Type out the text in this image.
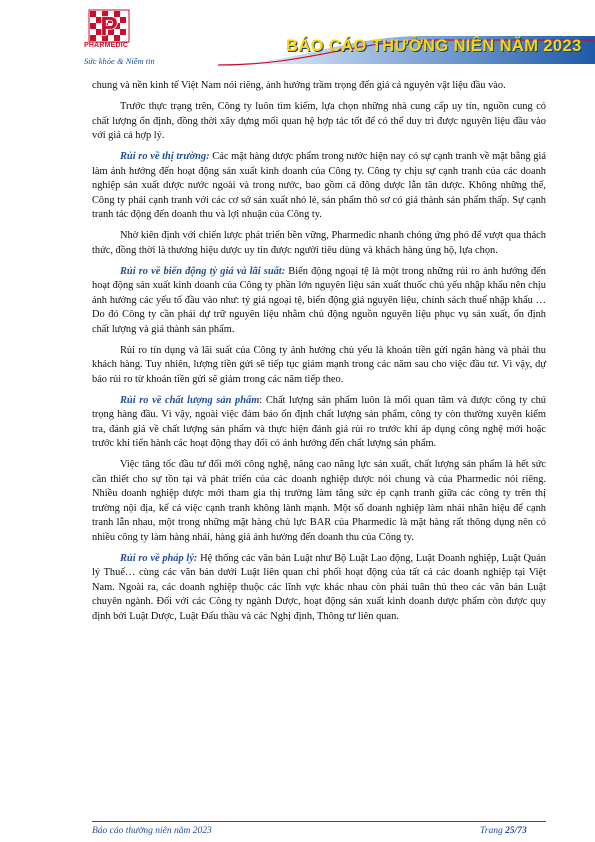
P
PHARMEDIC
Sức khỏe & Niềm tin
BÁO CÁO THƯỜNG NIÊN NĂM 2023

chung và nền kinh tế Việt Nam nói riêng, ảnh hưởng trầm trọng đến giá cả nguyên vật liệu đầu vào.

Trước thực trạng trên, Công ty luôn tìm kiếm, lựa chọn những nhà cung cấp uy tín, nguồn cung có chất lượng ổn định, đồng thời xây dựng mối quan hệ hợp tác tốt để có thể duy trì được nguyên liệu đầu vào với giá cả hợp lý.

Rủi ro về thị trường: Các mặt hàng dược phẩm trong nước hiện nay có sự cạnh tranh về mặt bằng giá làm ảnh hưởng đến hoạt động sản xuất kinh doanh của Công ty. Công ty chịu sự cạnh tranh của các doanh nghiệp sản xuất dược nước ngoài và trong nước, bao gồm cả đông dược lẫn tân dược. Không những thế, Công ty phải cạnh tranh với các cơ sở sản xuất nhỏ lẻ, sản phẩm thô sơ có giá thành sản phẩm thấp. Sự cạnh tranh tác động đến doanh thu và lợi nhuận của Công ty.

Nhờ kiên định với chiến lược phát triển bền vững, Pharmedic nhanh chóng ứng phó để vượt qua thách thức, đồng thời là thương hiệu dược uy tín được người tiêu dùng và khách hàng ủng hộ, lựa chọn.

Rủi ro về biến động tỷ giá và lãi suất: Biến động ngoại tệ là một trong những rủi ro ảnh hưởng đến hoạt động sản xuất kinh doanh của Công ty phần lớn nguyên liệu sản xuất thuốc chủ yếu nhập khẩu nên chịu ảnh hưởng các yếu tố đầu vào như: tỷ giá ngoại tệ, biến động giá nguyên liệu, chính sách thuế nhập khẩu …Do đó Công ty cần phải dự trữ nguyên liệu nhằm chủ động nguồn nguyên liệu phục vụ sản xuất, ổn định chất lượng và giá thành sản phẩm.

Rủi ro tín dụng và lãi suất của Công ty ảnh hưởng chủ yếu là khoản tiền gửi ngân hàng và phải thu khách hàng. Tuy nhiên, lượng tiền gửi sẽ tiếp tục giảm mạnh trong các năm sau cho việc đầu tư. Vì vậy, dự báo rủi ro từ khoản tiền gửi sẽ giảm trong các năm tiếp theo.

Rủi ro về chất lượng sản phẩm: Chất lượng sản phẩm luôn là mối quan tâm và được công ty chú trọng hàng đầu. Vì vậy, ngoài việc đảm bảo ổn định chất lượng sản phẩm, công ty còn thường xuyên kiểm tra, đánh giá về chất lượng sản phẩm và thực hiện đánh giá rủi ro trước khi áp dụng công nghệ mới hoặc trước khi tiến hành các hoạt động thay đổi có ảnh hưởng đến chất lượng sản phẩm.

Việc tăng tốc đầu tư đổi mới công nghệ, nâng cao năng lực sản xuất, chất lượng sản phẩm là hết sức cần thiết cho sự tồn tại và phát triển của các doanh nghiệp dược nói chung và của Pharmedic nói riêng. Nhiều doanh nghiệp dược mới tham gia thị trường làm tăng sức ép cạnh tranh giữa các công ty trên thị trường nội địa, kể cả việc cạnh tranh không lành mạnh. Một số doanh nghiệp làm nhái nhãn hiệu để cạnh tranh lẫn nhau, một trong những mặt hàng chủ lực BAR của Pharmedic là mặt hàng rất thông dụng nên có nhiều công ty làm hàng nhái, hàng giả ảnh hưởng đến doanh thu của Công ty.

Rủi ro về pháp lý: Hệ thống các văn bản Luật như Bộ Luật Lao động, Luật Doanh nghiệp, Luật Quản lý Thuế… cùng các văn bản dưới Luật liên quan chi phối hoạt động của tất cả các doanh nghiệp tại Việt Nam. Ngoài ra, các doanh nghiệp thuộc các lĩnh vực khác nhau còn phải tuân thủ theo các văn bản Luật chuyên ngành. Đối với các Công ty ngành Dược, hoạt động sản xuất kinh doanh dược phẩm còn được quy định bởi Luật Dược, Luật Đấu thầu và các Nghị định, Thông tư liên quan.

Báo cáo thường niên năm 2023	Trang 25/73
